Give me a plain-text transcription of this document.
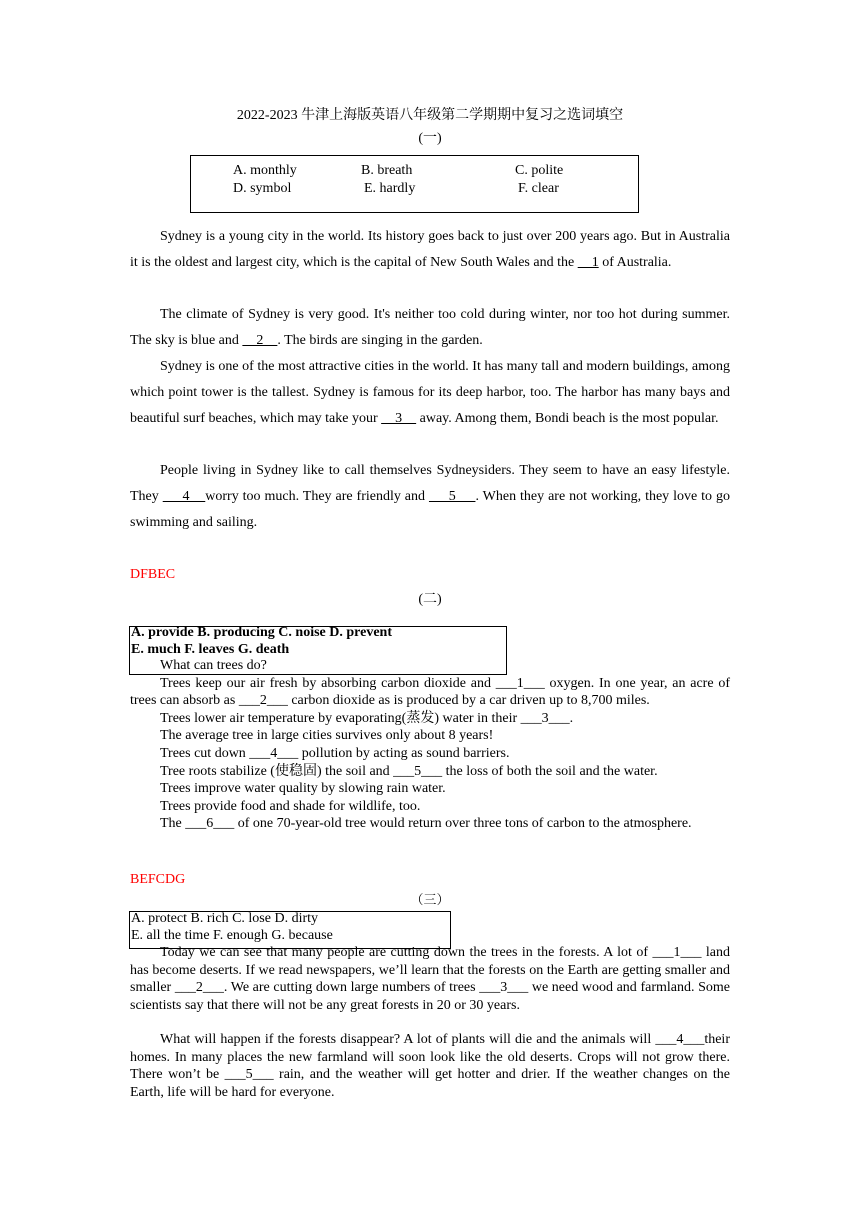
2022-2023 牛津上海版英语八年级第二学期期中复习之选词填空
(一)
A. monthly	B. breath	C. polite
D. symbol	E. hardly	F. clear
Sydney is a young city in the world. Its history goes back to just over 200 years ago. But in Australia it is the oldest and largest city, which is the capital of New South Wales and the     1 of Australia.
The climate of Sydney is very good. It's neither too cold during winter, nor too hot during summer. The sky is blue and     2    . The birds are singing in the garden.
Sydney is one of the most attractive cities in the world. It has many tall and modern buildings, among which point tower is the tallest. Sydney is famous for its deep harbor, too. The harbor has many bays and beautiful surf beaches, which may take your     3     away. Among them, Bondi beach is the most popular.
People living in Sydney like to call themselves Sydneysiders. They seem to have an easy lifestyle. They      4    worry too much. They are friendly and      5     . When they are not working, they love to go swimming and sailing.
DFBEC
(二)
A. provide B. producing C. noise D. prevent
E. much F. leaves G. death
What can trees do?
Trees keep our air fresh by absorbing carbon dioxide and ___1___ oxygen. In one year, an acre of trees can absorb as ___2___ carbon dioxide as is produced by a car driven up to 8,700 miles.
Trees lower air temperature by evaporating(蒸发) water in their ___3___.
The average tree in large cities survives only about 8 years!
Trees cut down ___4___ pollution by acting as sound barriers.
Tree roots stabilize (使稳固) the soil and ___5___ the loss of both the soil and the water.
Trees improve water quality by slowing rain water.
Trees provide food and shade for wildlife, too.
The ___6___ of one 70-year-old tree would return over three tons of carbon to the atmosphere.
BEFCDG
（三）
A. protect B. rich C. lose D. dirty
E. all the time F. enough G. because
Today we can see that many people are cutting down the trees in the forests. A lot of ___1___ land has become deserts. If we read newspapers, we’ll learn that the forests on the Earth are getting smaller and smaller ___2___. We are cutting down large numbers of trees ___3___ we need wood and farmland. Some scientists say that there will not be any great forests in 20 or 30 years.
What will happen if the forests disappear? A lot of plants will die and the animals will ___4___their homes. In many places the new farmland will soon look like the old deserts. Crops will not grow there. There won’t be ___5___ rain, and the weather will get hotter and drier. If the weather changes on the Earth, life will be hard for everyone.
